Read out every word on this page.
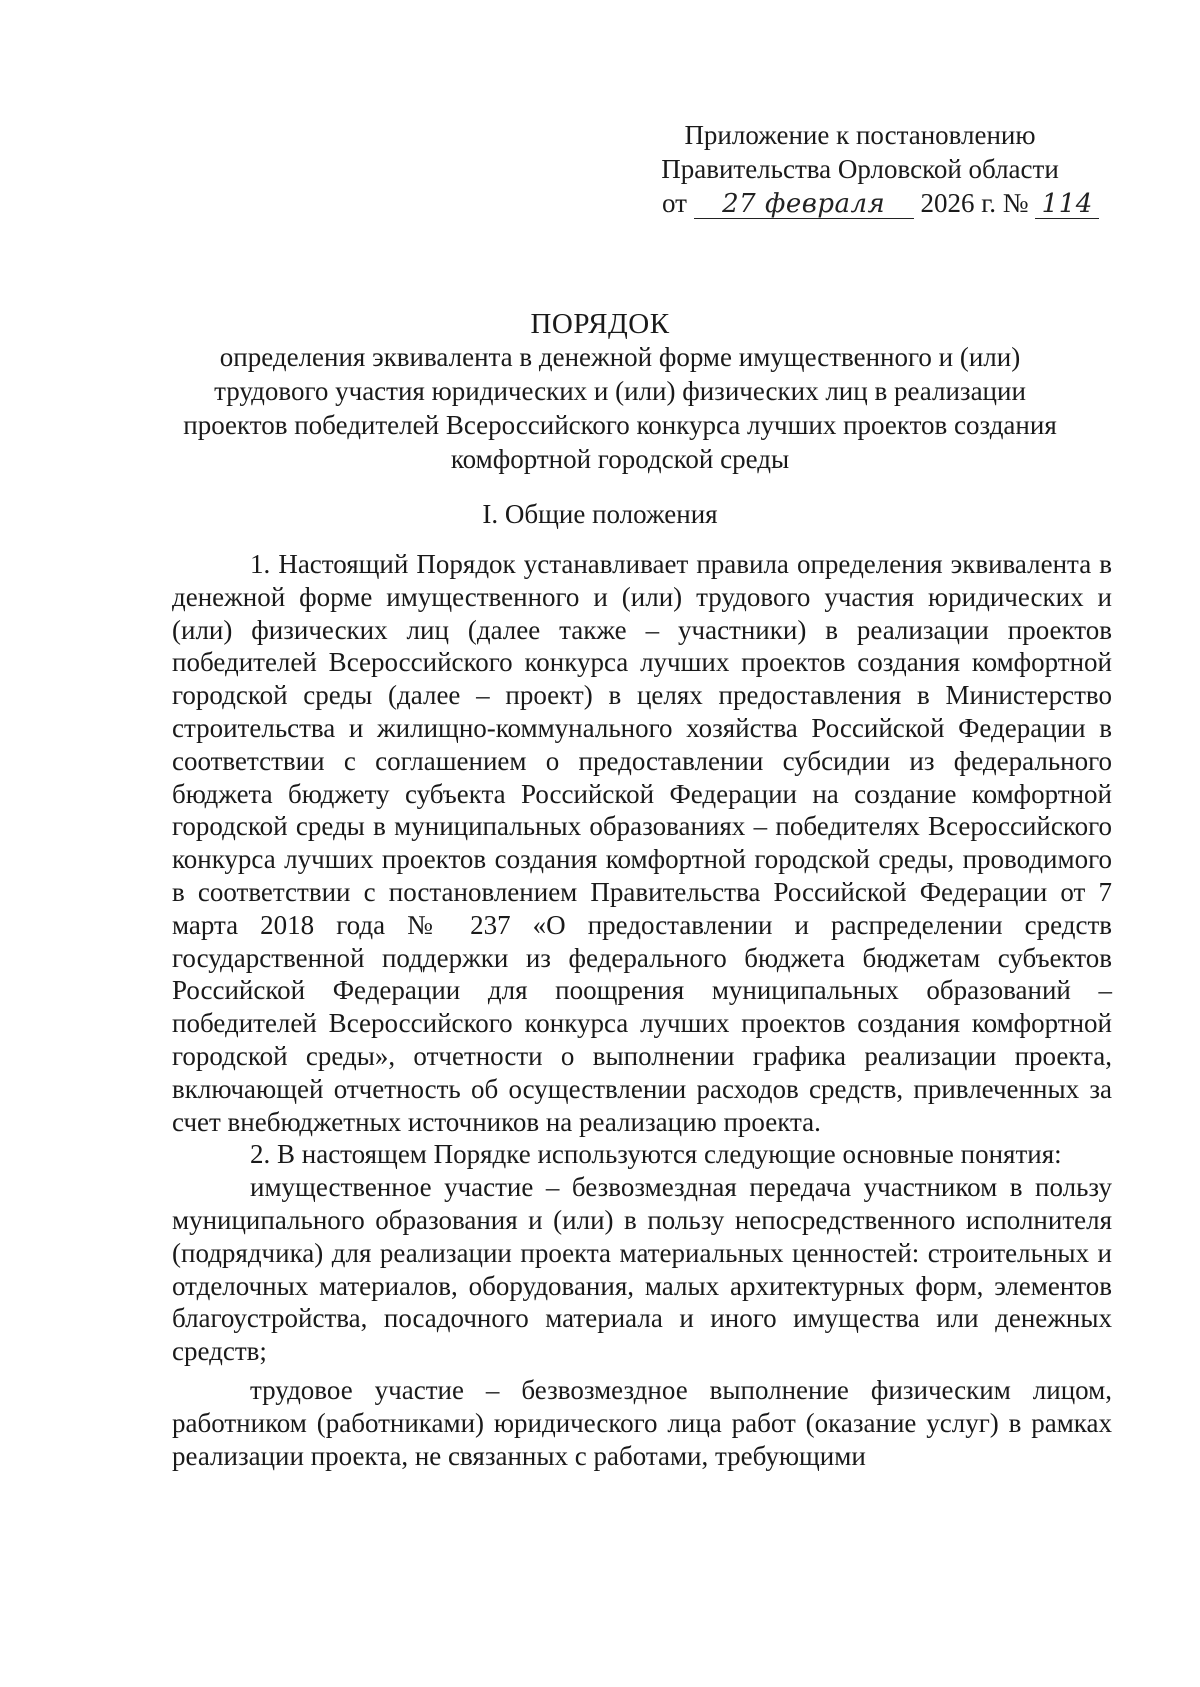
Приложение к постановлению
Правительства Орловской области
от 27 февраля 2026 г. № 114
ПОРЯДОК
определения эквивалента в денежной форме имущественного и (или) трудового участия юридических и (или) физических лиц в реализации проектов победителей Всероссийского конкурса лучших проектов создания комфортной городской среды
I. Общие положения

1. Настоящий Порядок устанавливает правила определения эквивалента в денежной форме имущественного и (или) трудового участия юридических и (или) физических лиц (далее также – участники) в реализации проектов победителей Всероссийского конкурса лучших проектов создания комфортной городской среды (далее – проект) в целях предоставления в Министерство строительства и жилищно-коммунального хозяйства Российской Федерации в соответствии с соглашением о предоставлении субсидии из федерального бюджета бюджету субъекта Российской Федерации на создание комфортной городской среды в муниципальных образованиях – победителях Всероссийского конкурса лучших проектов создания комфортной городской среды, проводимого в соответствии с постановлением Правительства Российской Федерации от 7 марта 2018 года № 237 «О предоставлении и распределении средств государственной поддержки из федерального бюджета бюджетам субъектов Российской Федерации для поощрения муниципальных образований – победителей Всероссийского конкурса лучших проектов создания комфортной городской среды», отчетности о выполнении графика реализации проекта, включающей отчетность об осуществлении расходов средств, привлеченных за счет внебюджетных источников на реализацию проекта.

2. В настоящем Порядке используются следующие основные понятия:

имущественное участие – безвозмездная передача участником в пользу муниципального образования и (или) в пользу непосредственного исполнителя (подрядчика) для реализации проекта материальных ценностей: строительных и отделочных материалов, оборудования, малых архитектурных форм, элементов благоустройства, посадочного материала и иного имущества или денежных средств;

трудовое участие – безвозмездное выполнение физическим лицом, работником (работниками) юридического лица работ (оказание услуг) в рамках реализации проекта, не связанных с работами, требующими
